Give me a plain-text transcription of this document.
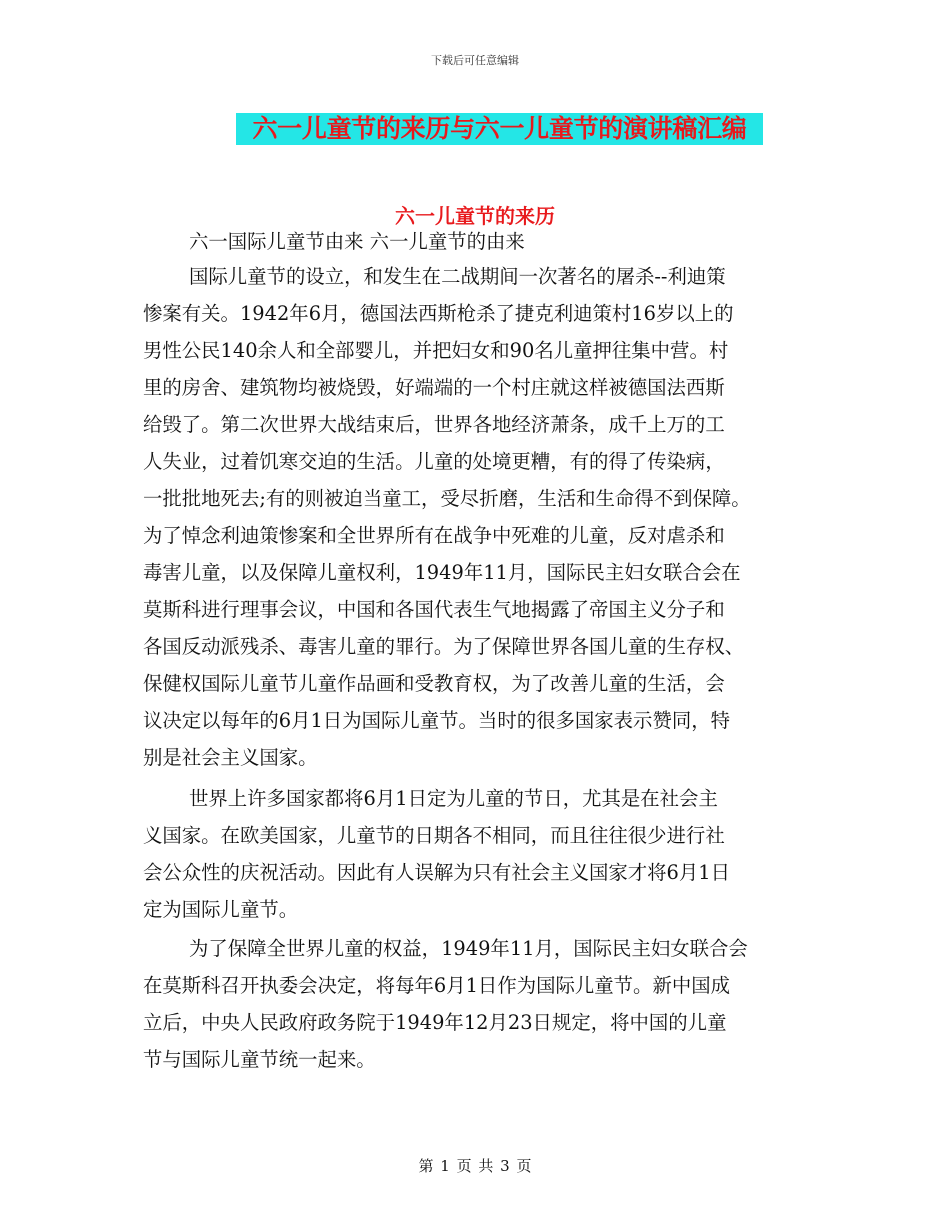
下载后可任意编辑
六一儿童节的来历与六一儿童节的演讲稿汇编
六一儿童节的来历
六一国际儿童节由来 六一儿童节的由来
国际儿童节的设立，和发生在二战期间一次著名的屠杀--利迪策
惨案有关。1942年6月，德国法西斯枪杀了捷克利迪策村16岁以上的
男性公民140余人和全部婴儿，并把妇女和90名儿童押往集中营。村
里的房舍、建筑物均被烧毁，好端端的一个村庄就这样被德国法西斯
给毁了。第二次世界大战结束后，世界各地经济萧条，成千上万的工
人失业，过着饥寒交迫的生活。儿童的处境更糟，有的得了传染病，
一批批地死去;有的则被迫当童工，受尽折磨，生活和生命得不到保障。
为了悼念利迪策惨案和全世界所有在战争中死难的儿童，反对虐杀和
毒害儿童，以及保障儿童权利，1949年11月，国际民主妇女联合会在
莫斯科进行理事会议，中国和各国代表生气地揭露了帝国主义分子和
各国反动派残杀、毒害儿童的罪行。为了保障世界各国儿童的生存权、
保健权国际儿童节儿童作品画和受教育权，为了改善儿童的生活，会
议决定以每年的6月1日为国际儿童节。当时的很多国家表示赞同，特
别是社会主义国家。
世界上许多国家都将6月1日定为儿童的节日，尤其是在社会主
义国家。在欧美国家，儿童节的日期各不相同，而且往往很少进行社
会公众性的庆祝活动。因此有人误解为只有社会主义国家才将6月1日
定为国际儿童节。
为了保障全世界儿童的权益，1949年11月，国际民主妇女联合会
在莫斯科召开执委会决定，将每年6月1日作为国际儿童节。新中国成
立后，中央人民政府政务院于1949年12月23日规定，将中国的儿童
节与国际儿童节统一起来。
第 1 页 共 3 页
